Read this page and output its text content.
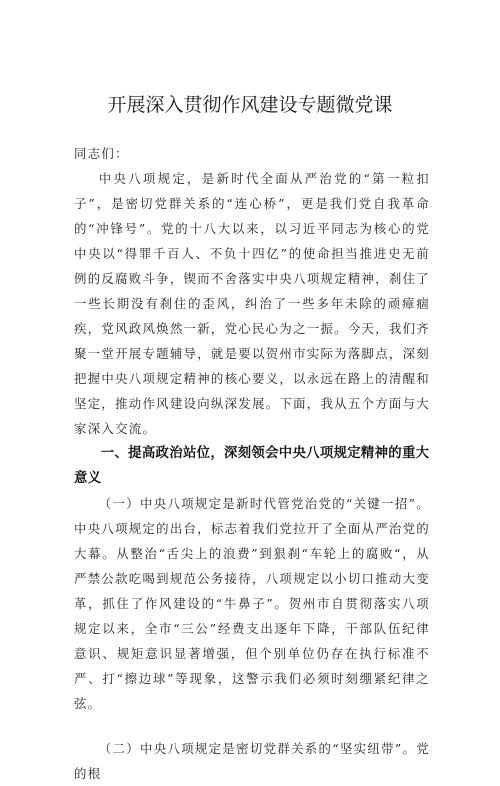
开展深入贯彻作风建设专题微党课

同志们：

中央八项规定，是新时代全面从严治党的“第一粒扣子”，是密切党群关系的“连心桥”，更是我们党自我革命的“冲锋号”。党的十八大以来，以习近平同志为核心的党中央以“得罪千百人、不负十四亿”的使命担当推进史无前例的反腐败斗争，锲而不舍落实中央八项规定精神，刹住了一些长期没有刹住的歪风，纠治了一些多年未除的顽瘴痼疾，党风政风焕然一新，党心民心为之一振。今天，我们齐聚一堂开展专题辅导，就是要以贺州市实际为落脚点，深刻把握中央八项规定精神的核心要义，以永远在路上的清醒和坚定，推动作风建设向纵深发展。下面，我从五个方面与大家深入交流。

一、提高政治站位，深刻领会中央八项规定精神的重大意义

（一）中央八项规定是新时代管党治党的“关键一招”。中央八项规定的出台，标志着我们党拉开了全面从严治党的大幕。从整治“舌尖上的浪费”到狠刹“车轮上的腐败“，从严禁公款吃喝到规范公务接待，八项规定以小切口推动大变革，抓住了作风建设的“牛鼻子”。贺州市自贯彻落实八项规定以来，全市“三公”经费支出逐年下降，干部队伍纪律意识、规矩意识显著增强，但个别单位仍存在执行标准不严、打“擦边球”等现象，这警示我们必须时刻绷紧纪律之弦。

（二）中央八项规定是密切党群关系的“坚实纽带”。党的根
